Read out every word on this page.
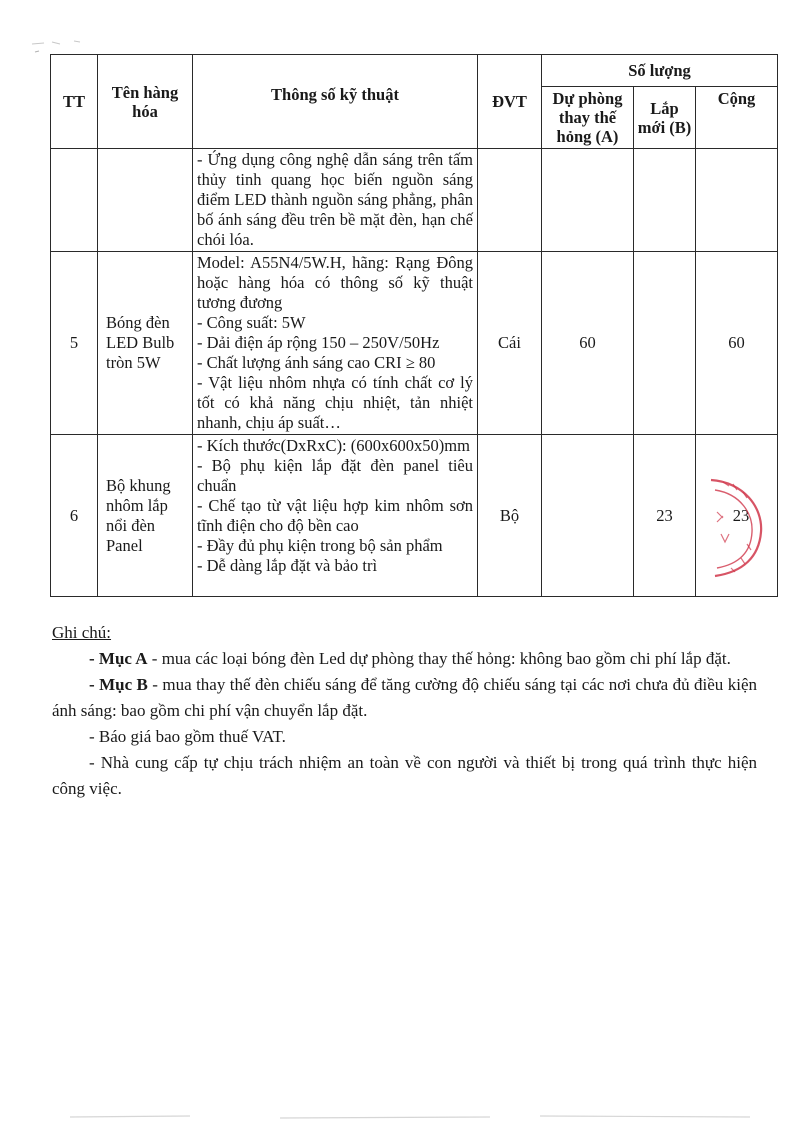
TT	Tên hàng hóa	Thông số kỹ thuật	ĐVT	Số lượng		
				Dự phòng thay thế hỏng (A)	Lắp mới (B)	Cộng

		- Ứng dụng công nghệ dẫn sáng trên tấm thủy tinh quang học biến nguồn sáng điểm LED thành nguồn sáng phẳng, phân bố ánh sáng đều trên bề mặt đèn, hạn chế chói lóa.				

5	Bóng đèn LED Bulb tròn 5W	Model: A55N4/5W.H, hãng: Rạng Đông hoặc hàng hóa có thông số kỹ thuật tương đương
- Công suất: 5W
- Dải điện áp rộng 150 – 250V/50Hz
- Chất lượng ánh sáng cao CRI ≥ 80
- Vật liệu nhôm nhựa có tính chất cơ lý tốt có khả năng chịu nhiệt, tản nhiệt nhanh, chịu áp suất…	Cái	60		60
6	Bộ khung nhôm lắp nổi đèn Panel	- Kích thước(DxRxC): (600x600x50)mm
- Bộ phụ kiện lắp đặt đèn panel tiêu chuẩn
- Chế tạo từ vật liệu hợp kim nhôm sơn tĩnh điện cho độ bền cao
- Đầy đủ phụ kiện trong bộ sản phẩm
- Dễ dàng lắp đặt và bảo trì	Bộ		23	23
Ghi chú:

- Mục A - mua các loại bóng đèn Led dự phòng thay thế hỏng: không bao gồm chi phí lắp đặt.

- Mục B - mua thay thế đèn chiếu sáng để tăng cường độ chiếu sáng tại các nơi chưa đủ điều kiện ánh sáng: bao gồm chi phí vận chuyển lắp đặt.

- Báo giá bao gồm thuế VAT.

- Nhà cung cấp tự chịu trách nhiệm an toàn về con người và thiết bị trong quá trình thực hiện công việc.
